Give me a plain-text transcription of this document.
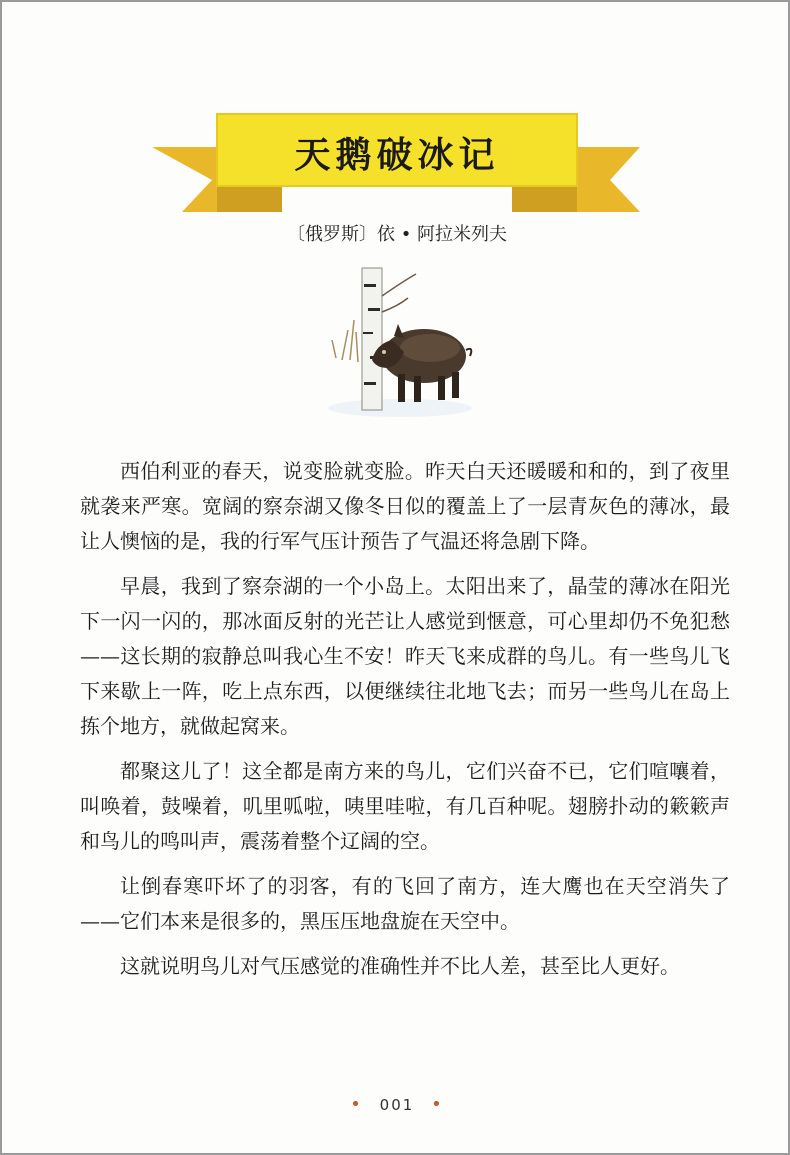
天鹅破冰记
〔俄罗斯〕依 • 阿拉米列夫

西伯利亚的春天，说变脸就变脸。昨天白天还暖暖和和的，到了夜里就袭来严寒。宽阔的察奈湖又像冬日似的覆盖上了一层青灰色的薄冰，最让人懊恼的是，我的行军气压计预告了气温还将急剧下降。

早晨，我到了察奈湖的一个小岛上。太阳出来了，晶莹的薄冰在阳光下一闪一闪的，那冰面反射的光芒让人感觉到惬意，可心里却仍不免犯愁——这长期的寂静总叫我心生不安！昨天飞来成群的鸟儿。有一些鸟儿飞下来歇上一阵，吃上点东西，以便继续往北地飞去；而另一些鸟儿在岛上拣个地方，就做起窝来。

都聚这儿了！这全都是南方来的鸟儿，它们兴奋不已，它们喧嚷着，叫唤着，鼓噪着，叽里呱啦，咦里哇啦，有几百种呢。翅膀扑动的簌簌声和鸟儿的鸣叫声，震荡着整个辽阔的空。

让倒春寒吓坏了的羽客，有的飞回了南方，连大鹰也在天空消失了——它们本来是很多的，黑压压地盘旋在天空中。

这就说明鸟儿对气压感觉的准确性并不比人差，甚至比人更好。

• 001 •
